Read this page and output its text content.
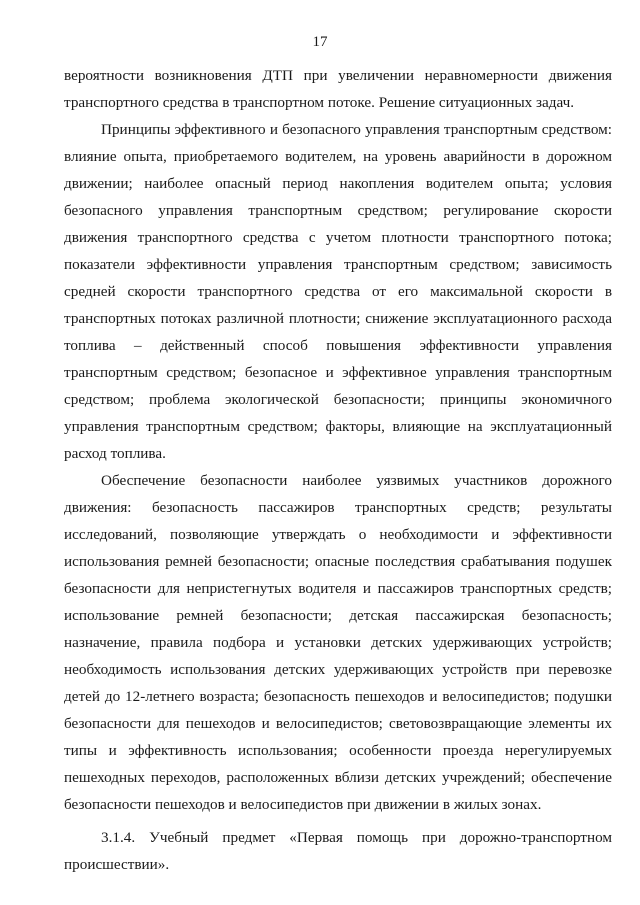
17

вероятности возникновения ДТП при увеличении неравномерности движения транспортного средства в транспортном потоке. Решение ситуационных задач.

Принципы эффективного и безопасного управления транспортным средством: влияние опыта, приобретаемого водителем, на уровень аварийности в дорожном движении; наиболее опасный период накопления водителем опыта; условия безопасного управления транспортным средством; регулирование скорости движения транспортного средства с учетом плотности транспортного потока; показатели эффективности управления транспортным средством; зависимость средней скорости транспортного средства от его максимальной скорости в транспортных потоках различной плотности; снижение эксплуатационного расхода топлива – действенный способ повышения эффективности управления транспортным средством; безопасное и эффективное управления транспортным средством; проблема экологической безопасности; принципы экономичного управления транспортным средством; факторы, влияющие на эксплуатационный расход топлива.

Обеспечение безопасности наиболее уязвимых участников дорожного движения: безопасность пассажиров транспортных средств; результаты исследований, позволяющие утверждать о необходимости и эффективности использования ремней безопасности; опасные последствия срабатывания подушек безопасности для непристегнутых водителя и пассажиров транспортных средств; использование ремней безопасности; детская пассажирская безопасность; назначение, правила подбора и установки детских удерживающих устройств; необходимость использования детских удерживающих устройств при перевозке детей до 12-летнего возраста; безопасность пешеходов и велосипедистов; подушки безопасности для пешеходов и велосипедистов; световозвращающие элементы их типы и эффективность использования; особенности проезда нерегулируемых пешеходных переходов, расположенных вблизи детских учреждений; обеспечение безопасности пешеходов и велосипедистов при движении в жилых зонах.

3.1.4. Учебный предмет «Первая помощь при дорожно-транспортном происшествии».
